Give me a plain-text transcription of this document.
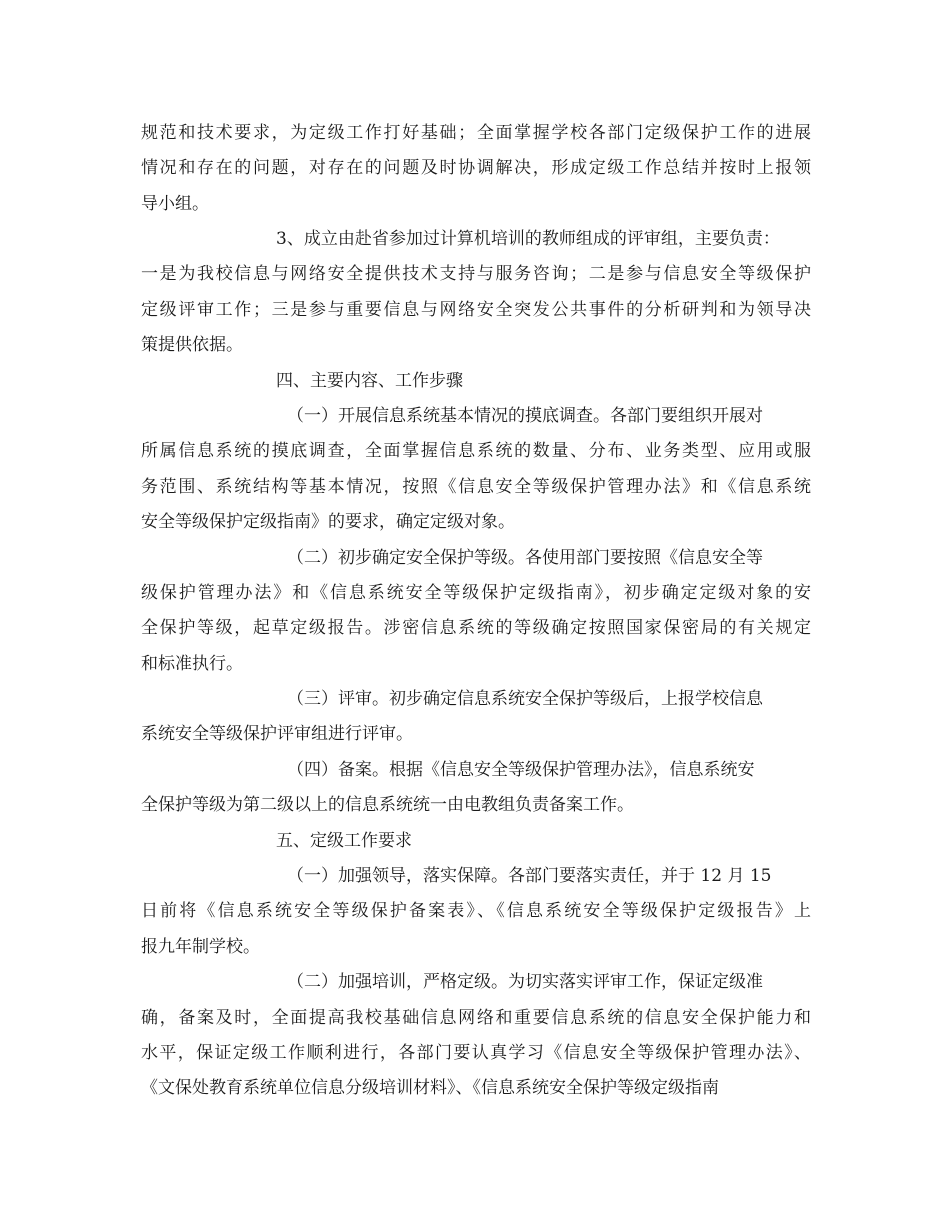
规范和技术要求，为定级工作打好基础；全面掌握学校各部门定级保护工作的进展

情况和存在的问题，对存在的问题及时协调解决，形成定级工作总结并按时上报领

导小组。

3、成立由赴省参加过计算机培训的教师组成的评审组，主要负责：

一是为我校信息与网络安全提供技术支持与服务咨询；二是参与信息安全等级保护

定级评审工作；三是参与重要信息与网络安全突发公共事件的分析研判和为领导决

策提供依据。

四、主要内容、工作步骤

（一）开展信息系统基本情况的摸底调查。各部门要组织开展对

所属信息系统的摸底调查，全面掌握信息系统的数量、分布、业务类型、应用或服

务范围、系统结构等基本情况，按照《信息安全等级保护管理办法》和《信息系统

安全等级保护定级指南》的要求，确定定级对象。

（二）初步确定安全保护等级。各使用部门要按照《信息安全等

级保护管理办法》和《信息系统安全等级保护定级指南》，初步确定定级对象的安

全保护等级，起草定级报告。涉密信息系统的等级确定按照国家保密局的有关规定

和标准执行。

（三）评审。初步确定信息系统安全保护等级后，上报学校信息

系统安全等级保护评审组进行评审。

（四）备案。根据《信息安全等级保护管理办法》，信息系统安

全保护等级为第二级以上的信息系统统一由电教组负责备案工作。

五、定级工作要求

（一）加强领导，落实保障。各部门要落实责任，并于 12 月 15

日前将《信息系统安全等级保护备案表》、《信息系统安全等级保护定级报告》上

报九年制学校。

（二）加强培训，严格定级。为切实落实评审工作，保证定级准

确，备案及时，全面提高我校基础信息网络和重要信息系统的信息安全保护能力和

水平，保证定级工作顺利进行，各部门要认真学习《信息安全等级保护管理办法》、

《文保处教育系统单位信息分级培训材料》、《信息系统安全保护等级定级指南
